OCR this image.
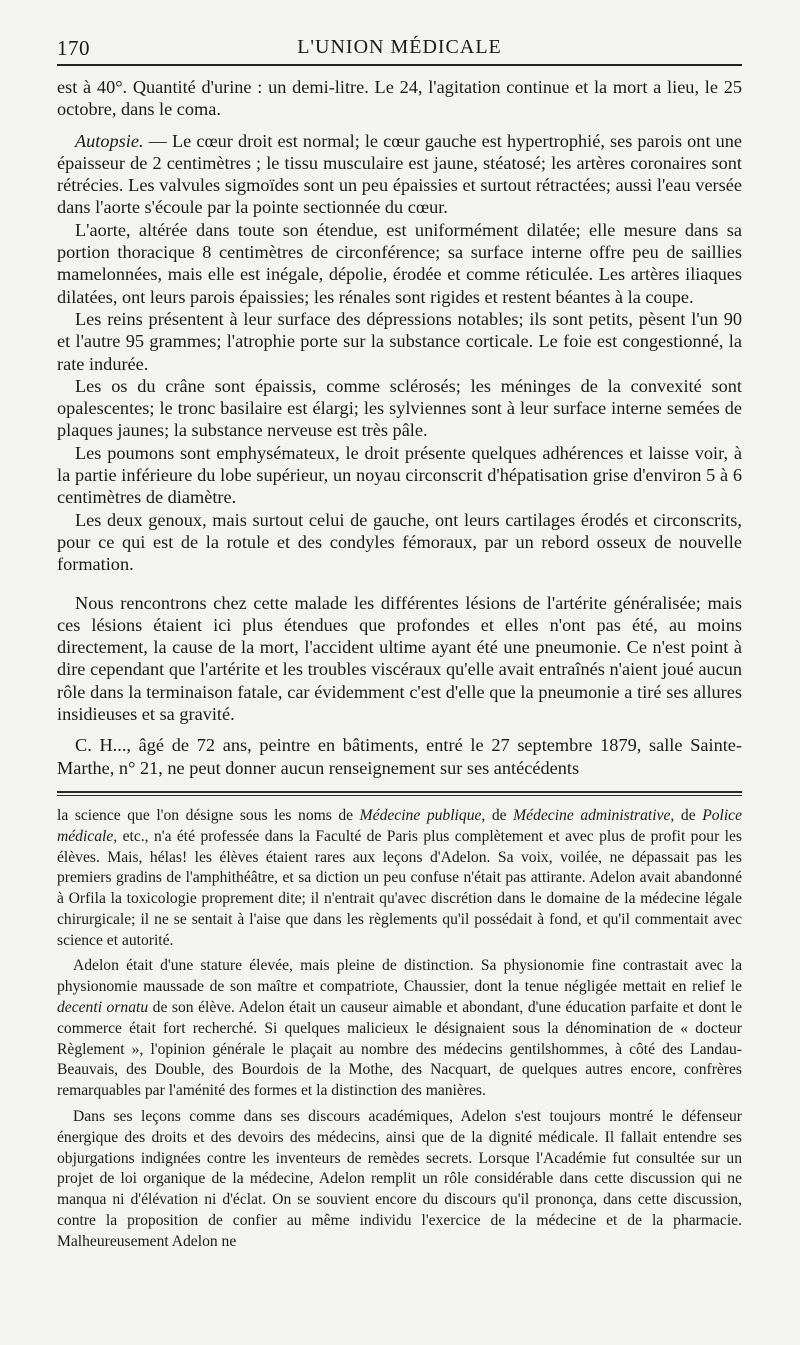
170	L'UNION MÉDICALE

est à 40°. Quantité d'urine : un demi-litre. Le 24, l'agitation continue et la mort a lieu, le 25 octobre, dans le coma.

Autopsie. — Le cœur droit est normal; le cœur gauche est hypertrophié, ses parois ont une épaisseur de 2 centimètres ; le tissu musculaire est jaune, stéatosé; les artères coronaires sont rétrécies. Les valvules sigmoïdes sont un peu épaissies et surtout rétractées; aussi l'eau versée dans l'aorte s'écoule par la pointe sectionnée du cœur.

L'aorte, altérée dans toute son étendue, est uniformément dilatée; elle mesure dans sa portion thoracique 8 centimètres de circonférence; sa surface interne offre peu de saillies mamelonnées, mais elle est inégale, dépolie, érodée et comme réticulée. Les artères iliaques dilatées, ont leurs parois épaissies; les rénales sont rigides et restent béantes à la coupe.

Les reins présentent à leur surface des dépressions notables; ils sont petits, pèsent l'un 90 et l'autre 95 grammes; l'atrophie porte sur la substance corticale. Le foie est congestionné, la rate indurée.

Les os du crâne sont épaissis, comme sclérosés; les méninges de la convexité sont opalescentes; le tronc basilaire est élargi; les sylviennes sont à leur surface interne semées de plaques jaunes; la substance nerveuse est très pâle.

Les poumons sont emphysémateux, le droit présente quelques adhérences et laisse voir, à la partie inférieure du lobe supérieur, un noyau circonscrit d'hépatisation grise d'environ 5 à 6 centimètres de diamètre.

Les deux genoux, mais surtout celui de gauche, ont leurs cartilages érodés et circonscrits, pour ce qui est de la rotule et des condyles fémoraux, par un rebord osseux de nouvelle formation.

Nous rencontrons chez cette malade les différentes lésions de l'artérite généralisée; mais ces lésions étaient ici plus étendues que profondes et elles n'ont pas été, au moins directement, la cause de la mort, l'accident ultime ayant été une pneumonie. Ce n'est point à dire cependant que l'artérite et les troubles viscéraux qu'elle avait entraînés n'aient joué aucun rôle dans la terminaison fatale, car évidemment c'est d'elle que la pneumonie a tiré ses allures insidieuses et sa gravité.

C. H..., âgé de 72 ans, peintre en bâtiments, entré le 27 septembre 1879, salle Sainte-Marthe, n° 21, ne peut donner aucun renseignement sur ses antécédents

la science que l'on désigne sous les noms de Médecine publique, de Médecine administrative, de Police médicale, etc., n'a été professée dans la Faculté de Paris plus complètement et avec plus de profit pour les élèves. Mais, hélas! les élèves étaient rares aux leçons d'Adelon. Sa voix, voilée, ne dépassait pas les premiers gradins de l'amphithéâtre, et sa diction un peu confuse n'était pas attirante. Adelon avait abandonné à Orfila la toxicologie proprement dite; il n'entrait qu'avec discrétion dans le domaine de la médecine légale chirurgicale; il ne se sentait à l'aise que dans les règlements qu'il possédait à fond, et qu'il commentait avec science et autorité.

Adelon était d'une stature élevée, mais pleine de distinction. Sa physionomie fine contrastait avec la physionomie maussade de son maître et compatriote, Chaussier, dont la tenue négligée mettait en relief le decenti ornatu de son élève. Adelon était un causeur aimable et abondant, d'une éducation parfaite et dont le commerce était fort recherché. Si quelques malicieux le désignaient sous la dénomination de « docteur Règlement », l'opinion générale le plaçait au nombre des médecins gentilshommes, à côté des Landau-Beauvais, des Double, des Bourdois de la Mothe, des Nacquart, de quelques autres encore, confrères remarquables par l'aménité des formes et la distinction des manières.

Dans ses leçons comme dans ses discours académiques, Adelon s'est toujours montré le défenseur énergique des droits et des devoirs des médecins, ainsi que de la dignité médicale. Il fallait entendre ses objurgations indignées contre les inventeurs de remèdes secrets. Lorsque l'Académie fut consultée sur un projet de loi organique de la médecine, Adelon remplit un rôle considérable dans cette discussion qui ne manqua ni d'élévation ni d'éclat. On se souvient encore du discours qu'il prononça, dans cette discussion, contre la proposition de confier au même individu l'exercice de la médecine et de la pharmacie. Malheureusement Adelon ne
